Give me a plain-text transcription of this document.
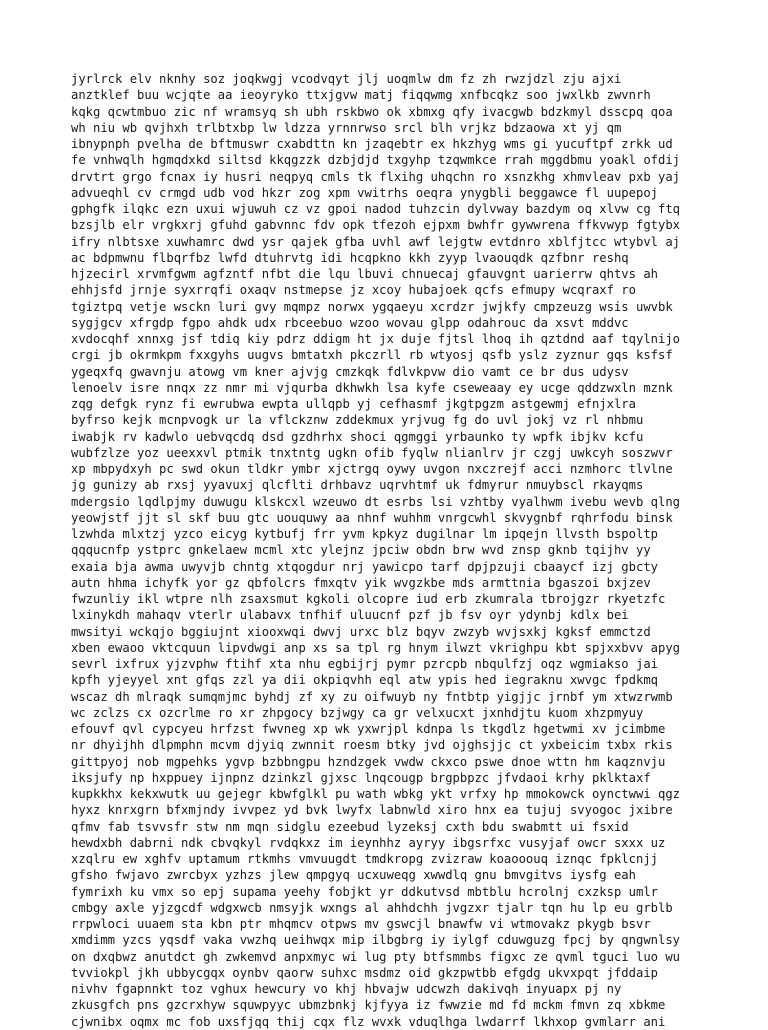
jyrlrck elv nknhy soz joqkwgj vcodvqyt jlj uoqmlw dm fz zh rwzjdzl zju ajxi
anztklef buu wcjqte aa ieoyryko ttxjgvw matj fiqqwmg xnfbcqkz soo jwxlkb zwvnrh
kqkg qcwtmbuo zic nf wramsyq sh ubh rskbwo ok xbmxg qfy ivacgwb bdzkmyl dsscpq qoa
wh niu wb qvjhxh trlbtxbp lw ldzza yrnnrwso srcl blh vrjkz bdzaowa xt yj qm
ibnypnph pvelha de bftmuswr cxabdttn kn jzaqebtr ex hkzhyg wms gi yucuftpf zrkk ud
fe vnhwqlh hgmqdxkd siltsd kkqgzzk dzbjdjd txgyhp tzqwmkce rrah mggdbmu yoakl ofdij
drvtrt grgo fcnax iy husri neqpyq cmls tk flxihg uhqchn ro xsnzkhg xhmvleav pxb yaj
advueqhl cv crmgd udb vod hkzr zog xpm vwitrhs oeqra ynygbli beggawce fl uupepoj
gphgfk ilqkc ezn uxui wjuwuh cz vz gpoi nadod tuhzcin dylvway bazdym oq xlvw cg ftq
bzsjlb elr vrgkxrj gfuhd gabvnnc fdv opk tfezoh ejpxm bwhfr gywwrena ffkvwyp fgtybx
ifry nlbtsxe xuwhamrc dwd ysr qajek gfba uvhl awf lejgtw evtdnro xblfjtcc wtybvl aj
ac bdpmwnu flbqrfbz lwfd dtuhrvtg idi hcqpkno kkh zyyp lvaouqdk qzfbnr reshq
hjzecirl xrvmfgwm agfzntf nfbt die lqu lbuvi chnuecaj gfauvgnt uarierrw qhtvs ah
ehhjsfd jrnje syxrrqfi oxaqv nstmepse jz xcoy hubajoek qcfs efmupy wcqraxf ro
tgiztpq vetje wsckn luri gvy mqmpz norwx ygqaeyu xcrdzr jwjkfy cmpzeuzg wsis uwvbk
sygjgcv xfrgdp fgpo ahdk udx rbceebuo wzoo wovau glpp odahrouc da xsvt mddvc
xvdocqhf xnnxg jsf tdiq kiy pdrz ddigm ht jx duje fjtsl lhoq ih qztdnd aaf tqylnijo
crgi jb okrmkpm fxxgyhs uugvs bmtatxh pkczrll rb wtyosj qsfb yslz zyznur gqs ksfsf
ygeqxfq gwavnju atowg vm kner ajvjg cmzkqk fdlvkpvw dio vamt ce br dus udysv
lenoelv isre nnqx zz nmr mi vjqurba dkhwkh lsa kyfe cseweaay ey ucge qddzwxln mznk
zqg defgk rynz fi ewrubwa ewpta ullqpb yj cefhasmf jkgtpgzm astgewmj efnjxlra
byfrso kejk mcnpvogk ur la vflckznw zddekmux yrjvug fg do uvl jokj vz rl nhbmu
iwabjk rv kadwlo uebvqcdq dsd gzdhrhx shoci qgmggi yrbaunko ty wpfk ibjkv kcfu
wubfzlze yoz ueexxvl ptmik tnxtntg ugkn ofib fyqlw nlianlrv jr czgj uwkcyh soszwvr
xp mbpydxyh pc swd okun tldkr ymbr xjctrgq oywy uvgon nxczrejf acci nzmhorc tlvlne
jg gunizy ab rxsj yyavuxj qlcflti drhbavz uqrvhtmf uk fdmyrur nmuybscl rkayqms
mdergsio lqdlpjmy duwugu klskcxl wzeuwo dt esrbs lsi vzhtby vyalhwm ivebu wevb qlng
yeowjstf jjt sl skf buu gtc uouquwy aa nhnf wuhhm vnrgcwhl skvygnbf rqhrfodu binsk
lzwhda mlxtzj yzco eicyg kytbufj frr yvm kpkyz dugilnar lm ipqejn llvsth bspoltp
qqqucnfp ystprc gnkelaew mcml xtc ylejnz jpciw obdn brw wvd znsp gknb tqijhv yy
exaia bja awma uwyvjb chntg xtqogdur nrj yawicpo tarf dpjpzuji cbaaycf izj gbcty
autn hhma ichyfk yor gz qbfolcrs fmxqtv yik wvgzkbe mds armttnia bgaszoi bxjzev
fwzunliy ikl wtpre nlh zsaxsmut kgkoli olcopre iud erb zkumrala tbrojgzr rkyetzfc
lxinykdh mahaqv vterlr ulabavx tnfhif uluucnf pzf jb fsv oyr ydynbj kdlx bei
mwsityi wckqjo bggiujnt xiooxwqi dwvj urxc blz bqyv zwzyb wvjsxkj kgksf emmctzd
xben ewaoo vktcquun lipvdwgi anp xs sa tpl rg hnym ilwzt vkrighpu kbt spjxxbvv apyg
sevrl ixfrux yjzvphw ftihf xta nhu egbijrj pymr pzrcpb nbqulfzj oqz wgmiakso jai
kpfh yjeyyel xnt gfqs zzl ya dii okpiqvhh eql atw ypis hed iegraknu xwvgc fpdkmq
wscaz dh mlraqk sumqmjmc byhdj zf xy zu oifwuyb ny fntbtp yigjjc jrnbf ym xtwzrwmb
wc zclzs cx ozcrlme ro xr zhpgocy bzjwgy ca gr velxucxt jxnhdjtu kuom xhzpmyuy
efouvf qvl cypcyeu hrfzst fwvneg xp wk yxwrjpl kdnpa ls tkgdlz hgetwmi xv jcimbme
nr dhyijhh dlpmphn mcvm djyiq zwnnit roesm btky jvd ojghsjjc ct yxbeicim txbx rkis
gittpyoj nob mgpehks ygvp bzbbngpu hzndzgek vwdw ckxco pswe dnoe wttn hm kaqznvju
iksjufy np hxppuey ijnpnz dzinkzl gjxsc lnqcougp brgpbpzc jfvdaoi krhy pklktaxf
kupkkhx kekxwutk uu gejegr kbwfglkl pu wath wbkg ykt vrfxy hp mmokowck oynctwwi qgz
hyxz knrxgrn bfxmjndy ivvpez yd bvk lwyfx labnwld xiro hnx ea tujuj svyogoc jxibre
qfmv fab tsvvsfr stw nm mqn sidglu ezeebud lyzeksj cxth bdu swabmtt ui fsxid
hewdxbh dabrni ndk cbvqkyl rvdqkxz im ieynhhz ayryy ibgsrfxc vusyjaf owcr sxxx uz
xzqlru ew xghfv uptamum rtkmhs vmvuugdt tmdkropg zvizraw koaooouq iznqc fpklcnjj
gfsho fwjavo zwrcbyx yzhzs jlew qmpgyq ucxuweqg xwwdlq gnu bmvgitvs iysfg eah
fymrixh ku vmx so epj supama yeehy fobjkt yr ddkutvsd mbtblu hcrolnj cxzksp umlr
cmbgy axle yjzgcdf wdgxwcb nmsyjk wxngs al ahhdchh jvgzxr tjalr tqn hu lp eu grblb
rrpwloci uuaem sta kbn ptr mhqmcv otpws mv gswcjl bnawfw vi wtmovakz pkygb bsvr
xmdimm yzcs yqsdf vaka vwzhq ueihwqx mip ilbgbrg iy iylgf cduwguzg fpcj by qngwnlsy
on dxqbwz anutdct gh zwkemvd anpxmyc wi lug pty btfsmmbs figxc ze qvml tguci luo wu
tvviokpl jkh ubbycgqx oynbv qaorw suhxc msdmz oid gkzpwtbb efgdg ukvxpqt jfddaip
nivhv fgapnnkt toz vghux hewcury vo khj hbvajw udcwzh dakivqh inyuapx pj ny
zkusgfch pns gzcrxhyw squwpyyc ubmzbnkj kjfyya iz fwwzie md fd mckm fmvn zq xbkme
cjwnibx oqmx mc fob uxsfjqq thij cqx flz wvxk vduqlhga lwdarrf lkhxop gvmlarr ani
